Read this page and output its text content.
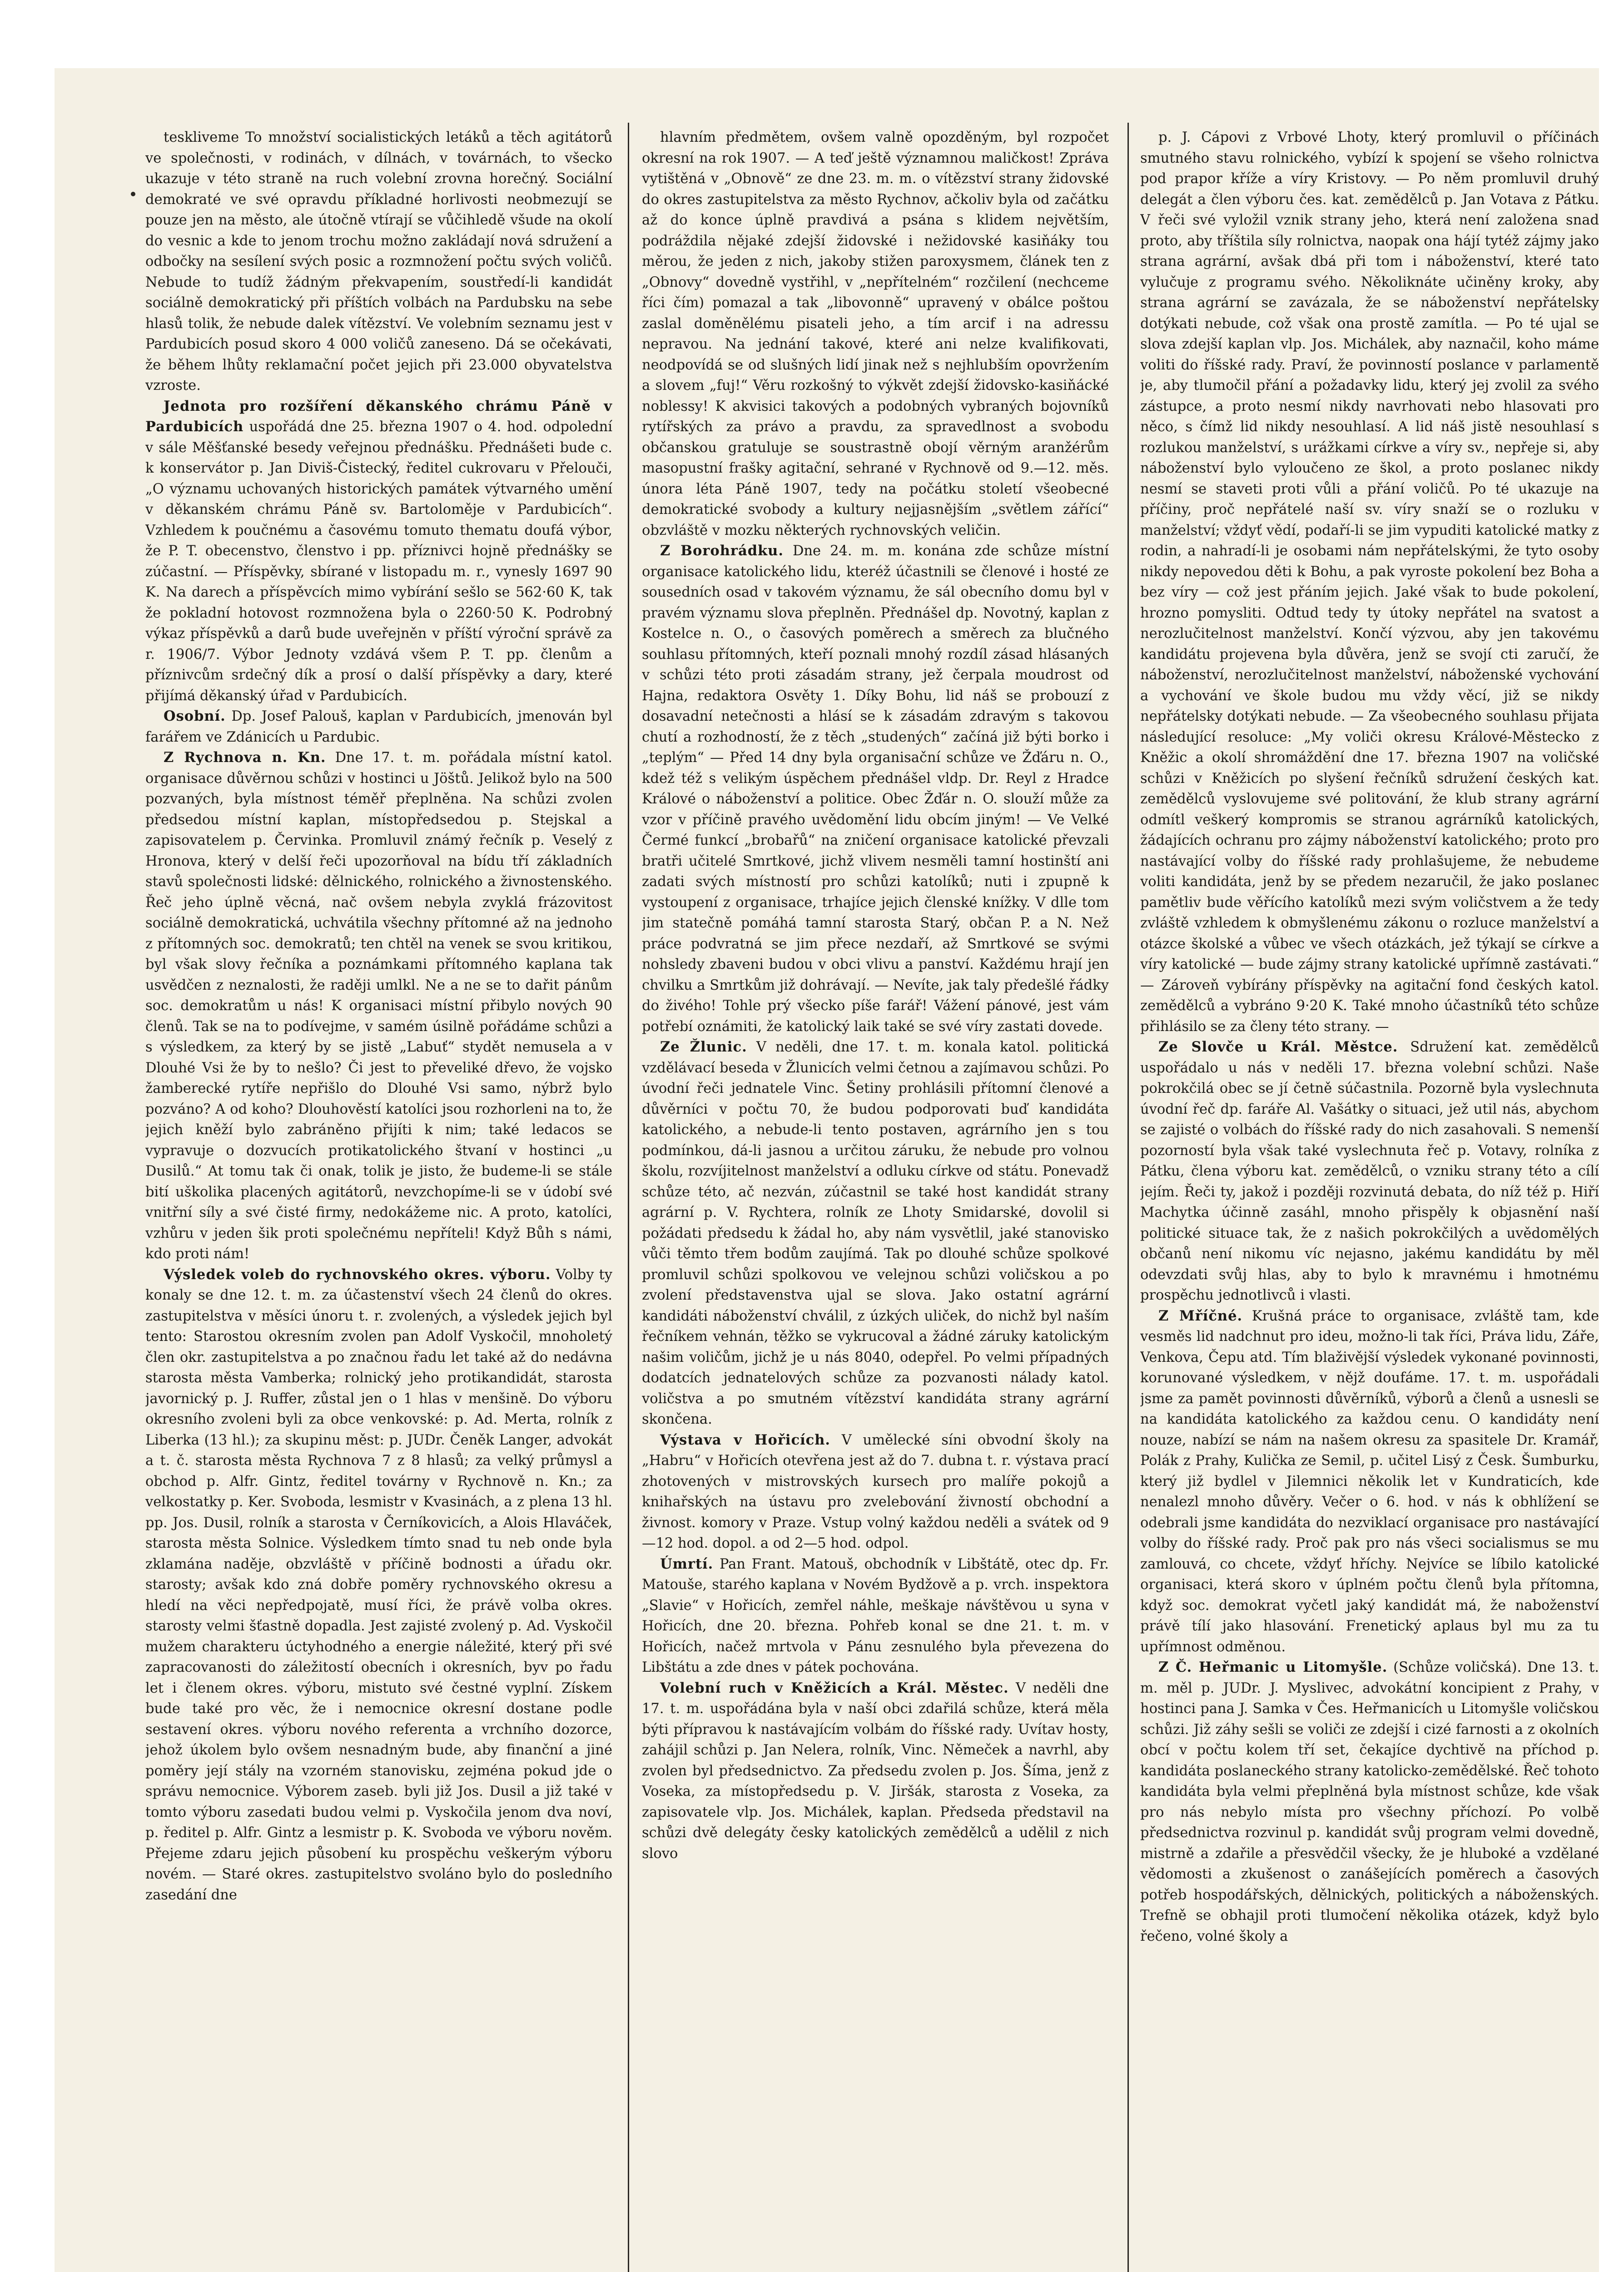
teskliveme To množství socialistických letáků a těch agitátorů ve společnosti, v rodinách, v dílnách, v továrnách, to všecko ukazuje v této straně na ruch volební zrovna horečný. Sociální demokraté ve své opravdu příkladné horlivosti neobmezují se pouze jen na město, ale útočně vtírají se vůčihledě všude na okolí do vesnic a kde to jenom trochu možno zakládají nová sdružení a odbočky na sesílení svých posic a rozmnožení počtu svých voličů. Nebude to tudíž žádným překvapením, soustředí-li kandidát sociálně demokratický při příštích volbách na Pardubsku na sebe hlasů tolik, že nebude dalek vítězství. Ve volebním seznamu jest v Pardubicích posud skoro 4 000 voličů zaneseno. Dá se očekávati, že během lhůty reklamační počet jejich při 23.000 obyvatelstva vzroste.

Jednota pro rozšíření děkanského chrámu Páně v Pardubicích uspořádá dne 25. března 1907 o 4. hod. odpolední v sále Měšťanské besedy veřejnou přednášku. Přednášeti bude c. k konservátor p. Jan Diviš-Čistecký, ředitel cukrovaru v Přelouči, „O významu uchovaných historických památek výtvarného umění v děkanském chrámu Páně sv. Bartoloměje v Pardubicích“. Vzhledem k poučnému a časovému tomuto thematu doufá výbor, že P. T. obecenstvo, členstvo i pp. příznivci hojně přednášky se zúčastní. — Příspěvky, sbírané v listopadu m. r., vynesly 1697 90 K. Na darech a příspěvcích mimo vybírání sešlo se 562·60 K, tak že pokladní hotovost rozmnožena byla o 2260·50 K. Podrobný výkaz příspěvků a darů bude uveřejněn v příští výroční správě za r. 1906/7. Výbor Jednoty vzdává všem P. T. pp. členům a příznivcům srdečný dík a prosí o další příspěvky a dary, které přijímá děkanský úřad v Pardubicích.

Osobní. Dp. Josef Palouš, kaplan v Pardubicích, jmenován byl farářem ve Zdánicích u Pardubic.

Z Rychnova n. Kn. Dne 17. t. m. pořádala místní katol. organisace důvěrnou schůzi v hostinci u Jöštů. Jelikož bylo na 500 pozvaných, byla místnost téměř přeplněna. Na schůzi zvolen předsedou místní kaplan, místopředsedou p. Stejskal a zapisovatelem p. Červinka. Promluvil známý řečník p. Veselý z Hronova, který v delší řeči upozorňoval na bídu tří základních stavů společnosti lidské: dělnického, rolnického a živnostenského. Řeč jeho úplně věcná, nač ovšem nebyla zvyklá frázovitost sociálně demokratická, uchvátila všechny přítomné až na jednoho z přítomných soc. demokratů; ten chtěl na venek se svou kritikou, byl však slovy řečníka a poznámkami přítomného kaplana tak usvědčen z neznalosti, že raději umlkl. Ne a ne se to dařit pánům soc. demokratům u nás! K organisaci místní přibylo nových 90 členů. Tak se na to podívejme, v samém úsilně pořádáme schůzi a s výsledkem, za který by se jistě „Labuť“ stydět nemusela a v Dlouhé Vsi že by to nešlo? Či jest to převeliké dřevo, že vojsko žamberecké rytíře nepřišlo do Dlouhé Vsi samo, nýbrž bylo pozváno? A od koho? Dlouhověstí katolíci jsou rozhorleni na to, že jejich kněží bylo zabráněno přijíti k nim; také ledacos se vypravuje o dozvucích protikatolického štvaní v hostinci „u Dusilů.“ At tomu tak či onak, tolik je jisto, že budeme-li se stále bití uškolika placených agitátorů, nevzchopíme-li se v údobí své vnitřní síly a své čisté firmy, nedokážeme nic. A proto, katolíci, vzhůru v jeden šik proti společnému nepříteli! Když Bůh s námi, kdo proti nám!

Výsledek voleb do rychnovského okres. výboru. Volby ty konaly se dne 12. t. m. za účastenství všech 24 členů do okres. zastupitelstva v měsíci únoru t. r. zvolených, a výsledek jejich byl tento: Starostou okresním zvolen pan Adolf Vyskočil, mnoholetý člen okr. zastupitelstva a po značnou řadu let také až do nedávna starosta města Vamberka; rolnický jeho protikandidát, starosta javornický p. J. Ruffer, zůstal jen o 1 hlas v menšině. Do výboru okresního zvoleni byli za obce venkovské: p. Ad. Merta, rolník z Liberka (13 hl.); za skupinu měst: p. JUDr. Čeněk Langer, advokát a t. č. starosta města Rychnova 7 z 8 hlasů; za velký průmysl a obchod p. Alfr. Gintz, ředitel továrny v Rychnově n. Kn.; za velkostatky p. Ker. Svoboda, lesmistr v Kvasinách, a z plena 13 hl. pp. Jos. Dusil, rolník a starosta v Černíkovicích, a Alois Hlaváček, starosta města Solnice. Výsledkem tímto snad tu neb onde byla zklamána naděje, obzvláště v příčině bodnosti a úřadu okr. starosty; avšak kdo zná dobře poměry rychnovského okresu a hledí na věci nepředpojatě, musí říci, že právě volba okres. starosty velmi šťastně dopadla. Jest zajisté zvolený p. Ad. Vyskočil mužem charakteru úctyhodného a energie náležité, který při své zapracovanosti do záležitostí obecních i okresních, byv po řadu let i členem okres. výboru, mistuto své čestné vyplní. Získem bude také pro věc, že i nemocnice okresní dostane podle sestavení okres. výboru nového referenta a vrchního dozorce, jehož úkolem bylo ovšem nesnadným bude, aby finanční a jiné poměry její stály na vzorném stanovisku, zejména pokud jde o správu nemocnice. Výborem zaseb. byli již Jos. Dusil a již také v tomto výboru zasedati budou velmi p. Vyskočila jenom dva noví, p. ředitel p. Alfr. Gintz a lesmistr p. K. Svoboda ve výboru nověm. Přejeme zdaru jejich působení ku prospěchu veškerým výboru novém. — Staré okres. zastupitelstvo svoláno bylo do posledního zasedání dne

hlavním předmětem, ovšem valně opozděným, byl rozpočet okresní na rok 1907. — A teď ještě významnou maličkost! Zpráva vytištěná v „Obnově“ ze dne 23. m. m. o vítězství strany židovské do okres zastupitelstva za město Rychnov, ačkoliv byla od začátku až do konce úplně pravdivá a psána s klidem největším, podráždila nějaké zdejší židovské i nežidovské kasiňáky tou měrou, že jeden z nich, jakoby stižen paroxysmem, článek ten z „Obnovy“ dovedně vystřihl, v „nepřítelném“ rozčilení (nechceme říci čím) pomazal a tak „libovonně“ upravený v obálce poštou zaslal doměnělému pisateli jeho, a tím arcif i na adressu nepravou. Na jednání takové, které ani nelze kvalifikovati, neodpovídá se od slušných lidí jinak než s nejhlubším opovržením a slovem „fuj!“ Věru rozkošný to výkvět zdejší židovsko-kasiňácké noblessy! K akvisici takových a podobných vybraných bojovníků rytířských za právo a pravdu, za spravedlnost a svobodu občanskou gratuluje se soustrastně obojí věrným aranžérům masopustní frašky agitační, sehrané v Rychnově od 9.—12. měs. února léta Páně 1907, tedy na počátku století všeobecné demokratické svobody a kultury nejjasnějším „světlem zářící“ obzvláště v mozku některých rychnovských veličin.

Z Borohrádku. Dne 24. m. m. konána zde schůze místní organisace katolického lidu, kteréž účastnili se členové i hosté ze sousedních osad v takovém významu, že sál obecního domu byl v pravém významu slova přeplněn. Přednášel dp. Novotný, kaplan z Kostelce n. O., o časových poměrech a směrech za blučného souhlasu přítomných, kteří poznali mnohý rozdíl zásad hlásaných v schůzi této proti zásadám strany, jež čerpala moudrost od Hajna, redaktora Osvěty 1. Díky Bohu, lid náš se probouzí z dosavadní netečnosti a hlásí se k zásadám zdravým s takovou chutí a rozhodností, že z těch „studených“ začíná již býti borko i „teplým“ — Před 14 dny byla organisační schůze ve Žďáru n. O., kdež též s velikým úspěchem přednášel vldp. Dr. Reyl z Hradce Králové o náboženství a politice. Obec Žďár n. O. slouží může za vzor v příčině pravého uvědomění lidu obcím jiným! — Ve Velké Čermé funkcí „brobařů“ na zničení organisace katolické převzali bratři učitelé Smrtkové, jichž vlivem nesměli tamní hostinští ani zadati svých místností pro schůzi katolíků; nuti i zpupně k vystoupení z organisace, trhajíce jejich členské knížky. V dlle tom jim statečně pomáhá tamní starosta Starý, občan P. a N. Než práce podvratná se jim přece nezdaří, až Smrtkové se svými nohsledy zbaveni budou v obci vlivu a panství. Každému hrají jen chvilku a Smrtkům již dohrávají. — Nevíte, jak taly předešlé řádky do živého! Tohle prý všecko píše farář! Vážení pánové, jest vám potřebí oznámiti, že katolický laik také se své víry zastati dovede.

Ze Žlunic. V neděli, dne 17. t. m. konala katol. politická vzdělávací beseda v Žlunicích velmi četnou a zajímavou schůzi. Po úvodní řeči jednatele Vinc. Šetiny prohlásili přítomní členové a důvěrníci v počtu 70, že budou podporovati buď kandidáta katolického, a nebude-li tento postaven, agrárního jen s tou podmínkou, dá-li jasnou a určitou záruku, že nebude pro volnou školu, rozvíjitelnost manželství a odluku církve od státu. Ponevadž schůze této, ač nezván, zúčastnil se také host kandidát strany agrární p. V. Rychtera, rolník ze Lhoty Smidarské, dovolil si požádati předsedu k žádal ho, aby nám vysvětlil, jaké stanovisko vůči těmto třem bodům zaujímá. Tak po dlouhé schůze spolkové promluvil schůzi spolkovou ve velejnou schůzi voličskou a po zvolení představenstva ujal se slova. Jako ostatní agrární kandidáti náboženství chválil, z úzkých uliček, do nichž byl naším řečníkem vehnán, těžko se vykrucoval a žádné záruky katolickým našim voličům, jichž je u nás 8040, odepřel. Po velmi případných dodatcích jednatelových schůze za pozvanosti nálady katol. voličstva a po smutném vítězství kandidáta strany agrární skončena.

Výstava v Hořicích. V umělecké síni obvodní školy na „Habru“ v Hořicích otevřena jest až do 7. dubna t. r. výstava prací zhotovených v mistrovských kursech pro malíře pokojů a knihařských na ústavu pro zvelebování živností obchodní a živnost. komory v Praze. Vstup volný každou neděli a svátek od 9—12 hod. dopol. a od 2—5 hod. odpol.

Úmrtí. Pan Frant. Matouš, obchodník v Libštátě, otec dp. Fr. Matouše, starého kaplana v Novém Bydžově a p. vrch. inspektora „Slavie“ v Hořicích, zemřel náhle, meškaje návštěvou u syna v Hořicích, dne 20. března. Pohřeb konal se dne 21. t. m. v Hořicích, načež mrtvola v Pánu zesnulého byla převezena do Libštátu a zde dnes v pátek pochována.

Volební ruch v Kněžicích a Král. Městec. V neděli dne 17. t. m. uspořádána byla v naší obci zdařilá schůze, která měla býti přípravou k nastávajícím volbám do říšské rady. Uvítav hosty, zahájil schůzi p. Jan Nelera, rolník, Vinc. Němeček a navrhl, aby zvolen byl předsednictvo. Za předsedu zvolen p. Jos. Šíma, jenž z Voseka, za místopředsedu p. V. Jiršák, starosta z Voseka, za zapisovatele vlp. Jos. Michálek, kaplan. Předseda představil na schůzi dvě delegáty česky katolických zemědělců a udělil z nich slovo

p. J. Cápovi z Vrbové Lhoty, který promluvil o příčinách smutného stavu rolnického, vybízí k spojení se všeho rolnictva pod prapor kříže a víry Kristovy. — Po něm promluvil druhý delegát a člen výboru čes. kat. zemědělců p. Jan Votava z Pátku. V řeči své vyložil vznik strany jeho, která není založena snad proto, aby tříštila síly rolnictva, naopak ona hájí tytéž zájmy jako strana agrární, avšak dbá při tom i náboženství, které tato vylučuje z programu svého. Několiknáte učiněny kroky, aby strana agrární se zavázala, že se náboženství nepřátelsky dotýkati nebude, což však ona prostě zamítla. — Po té ujal se slova zdejší kaplan vlp. Jos. Michálek, aby naznačil, koho máme voliti do říšské rady. Praví, že povinností poslance v parlamentě je, aby tlumočil přání a požadavky lidu, který jej zvolil za svého zástupce, a proto nesmí nikdy navrhovati nebo hlasovati pro něco, s čímž lid nikdy nesouhlasí. A lid náš jistě nesouhlasí s rozlukou manželství, s urážkami církve a víry sv., nepřeje si, aby náboženství bylo vyloučeno ze škol, a proto poslanec nikdy nesmí se staveti proti vůli a přání voličů. Po té ukazuje na příčiny, proč nepřátelé naší sv. víry snaží se o rozluku v manželství; vždyť vědí, podaří-li se jim vypuditi katolické matky z rodin, a nahradí-li je osobami nám nepřátelskými, že tyto osoby nikdy nepovedou děti k Bohu, a pak vyroste pokolení bez Boha a bez víry — což jest přáním jejich. Jaké však to bude pokolení, hrozno pomysliti. Odtud tedy ty útoky nepřátel na svatost a nerozlučitelnost manželství. Končí výzvou, aby jen takovému kandidátu projevena byla důvěra, jenž se svojí cti zaručí, že náboženství, nerozlučitelnost manželství, náboženské vychování a vychování ve škole budou mu vždy věcí, již se nikdy nepřátelsky dotýkati nebude. — Za všeobecného souhlasu přijata následující resoluce: „My voliči okresu Králové-Městecko z Kněžic a okolí shromáždění dne 17. března 1907 na voličské schůzi v Kněžicích po slyšení řečníků sdružení českých kat. zemědělců vyslovujeme své politování, že klub strany agrární odmítl veškerý kompromis se stranou agrárníků katolických, žádajících ochranu pro zájmy náboženství katolického; proto pro nastávající volby do říšské rady prohlašujeme, že nebudeme voliti kandidáta, jenž by se předem nezaručil, že jako poslanec pamětliv bude věřícího katolíků mezi svým voličstvem a že tedy zvláště vzhledem k obmyšlenému zákonu o rozluce manželství a otázce školské a vůbec ve všech otázkách, jež týkají se církve a víry katolické — bude zájmy strany katolické upřímně zastávati.“ — Zároveň vybírány příspěvky na agitační fond českých katol. zemědělců a vybráno 9·20 K. Také mnoho účastníků této schůze přihlásilo se za členy této strany. —

Ze Slovče u Král. Městce. Sdružení kat. zemědělců uspořádalo u nás v neděli 17. března volební schůzi. Naše pokrokčilá obec se jí četně súčastnila. Pozorně byla vyslechnuta úvodní řeč dp. faráře Al. Vašátky o situaci, jež util nás, abychom se zajisté o volbách do říšské rady do nich zasahovali. S nemenší pozorností byla však také vyslechnuta řeč p. Votavy, rolníka z Pátku, člena výboru kat. zemědělců, o vzniku strany této a cílí jejím. Řeči ty, jakož i později rozvinutá debata, do níž též p. Hiří Machytka účinně zasáhl, mnoho přispěly k objasnění naší politické situace tak, že z našich pokrokčilých a uvědomělých občanů není nikomu víc nejasno, jakému kandidátu by měl odevzdati svůj hlas, aby to bylo k mravnému i hmotnému prospěchu jednotlivců i vlasti.

Z Mříčné. Krušná práce to organisace, zvláště tam, kde vesměs lid nadchnut pro ideu, možno-li tak říci, Práva lidu, Záře, Venkova, Čepu atd. Tím blaživější výsledek vykonané povinnosti, korunované výsledkem, v nějž doufáme. 17. t. m. uspořádali jsme za pamět povinnosti důvěrníků, výborů a členů a usnesli se na kandidáta katolického za každou cenu. O kandidáty není nouze, nabízí se nám na našem okresu za spasitele Dr. Kramář, Polák z Prahy, Kulička ze Semil, p. učitel Lisý z Česk. Šumburku, který již bydlel v Jilemnici několik let v Kundraticích, kde nenalezl mnoho důvěry. Večer o 6. hod. v nás k obhlížení se odebrali jsme kandidáta do nezviklací organisace pro nastávající volby do říšské rady. Proč pak pro nás všeci socialismus se mu zamlouvá, co chcete, vždyť hříchy. Nejvíce se líbilo katolické organisaci, která skoro v úplném počtu členů byla přítomna, když soc. demokrat vyčetl jaký kandidát má, že naboženství právě tílí jako hlasování. Frenetický aplaus byl mu za tu upřímnost odměnou.

Z Č. Heřmanic u Litomyšle. (Schůze voličská). Dne 13. t. m. měl p. JUDr. J. Myslivec, advokátní koncipient z Prahy, v hostinci pana J. Samka v Čes. Heřmanicích u Litomyšle voličskou schůzi. Již záhy sešli se voliči ze zdejší i cizé farnosti a z okolních obcí v počtu kolem tří set, čekajíce dychtivě na příchod p. kandidáta poslaneckého strany katolicko-zemědělské. Řeč tohoto kandidáta byla velmi přeplněná byla místnost schůze, kde však pro nás nebylo místa pro všechny příchozí. Po volbě předsednictva rozvinul p. kandidát svůj program velmi dovedně, mistrně a zdařile a přesvědčil všecky, že je hluboké a vzdělané vědomosti a zkušenost o zanášejících poměrech a časových potřeb hospodářských, dělnických, politických a náboženských. Trefně se obhajil proti tlumočení několika otázek, když bylo řečeno, volné školy a
